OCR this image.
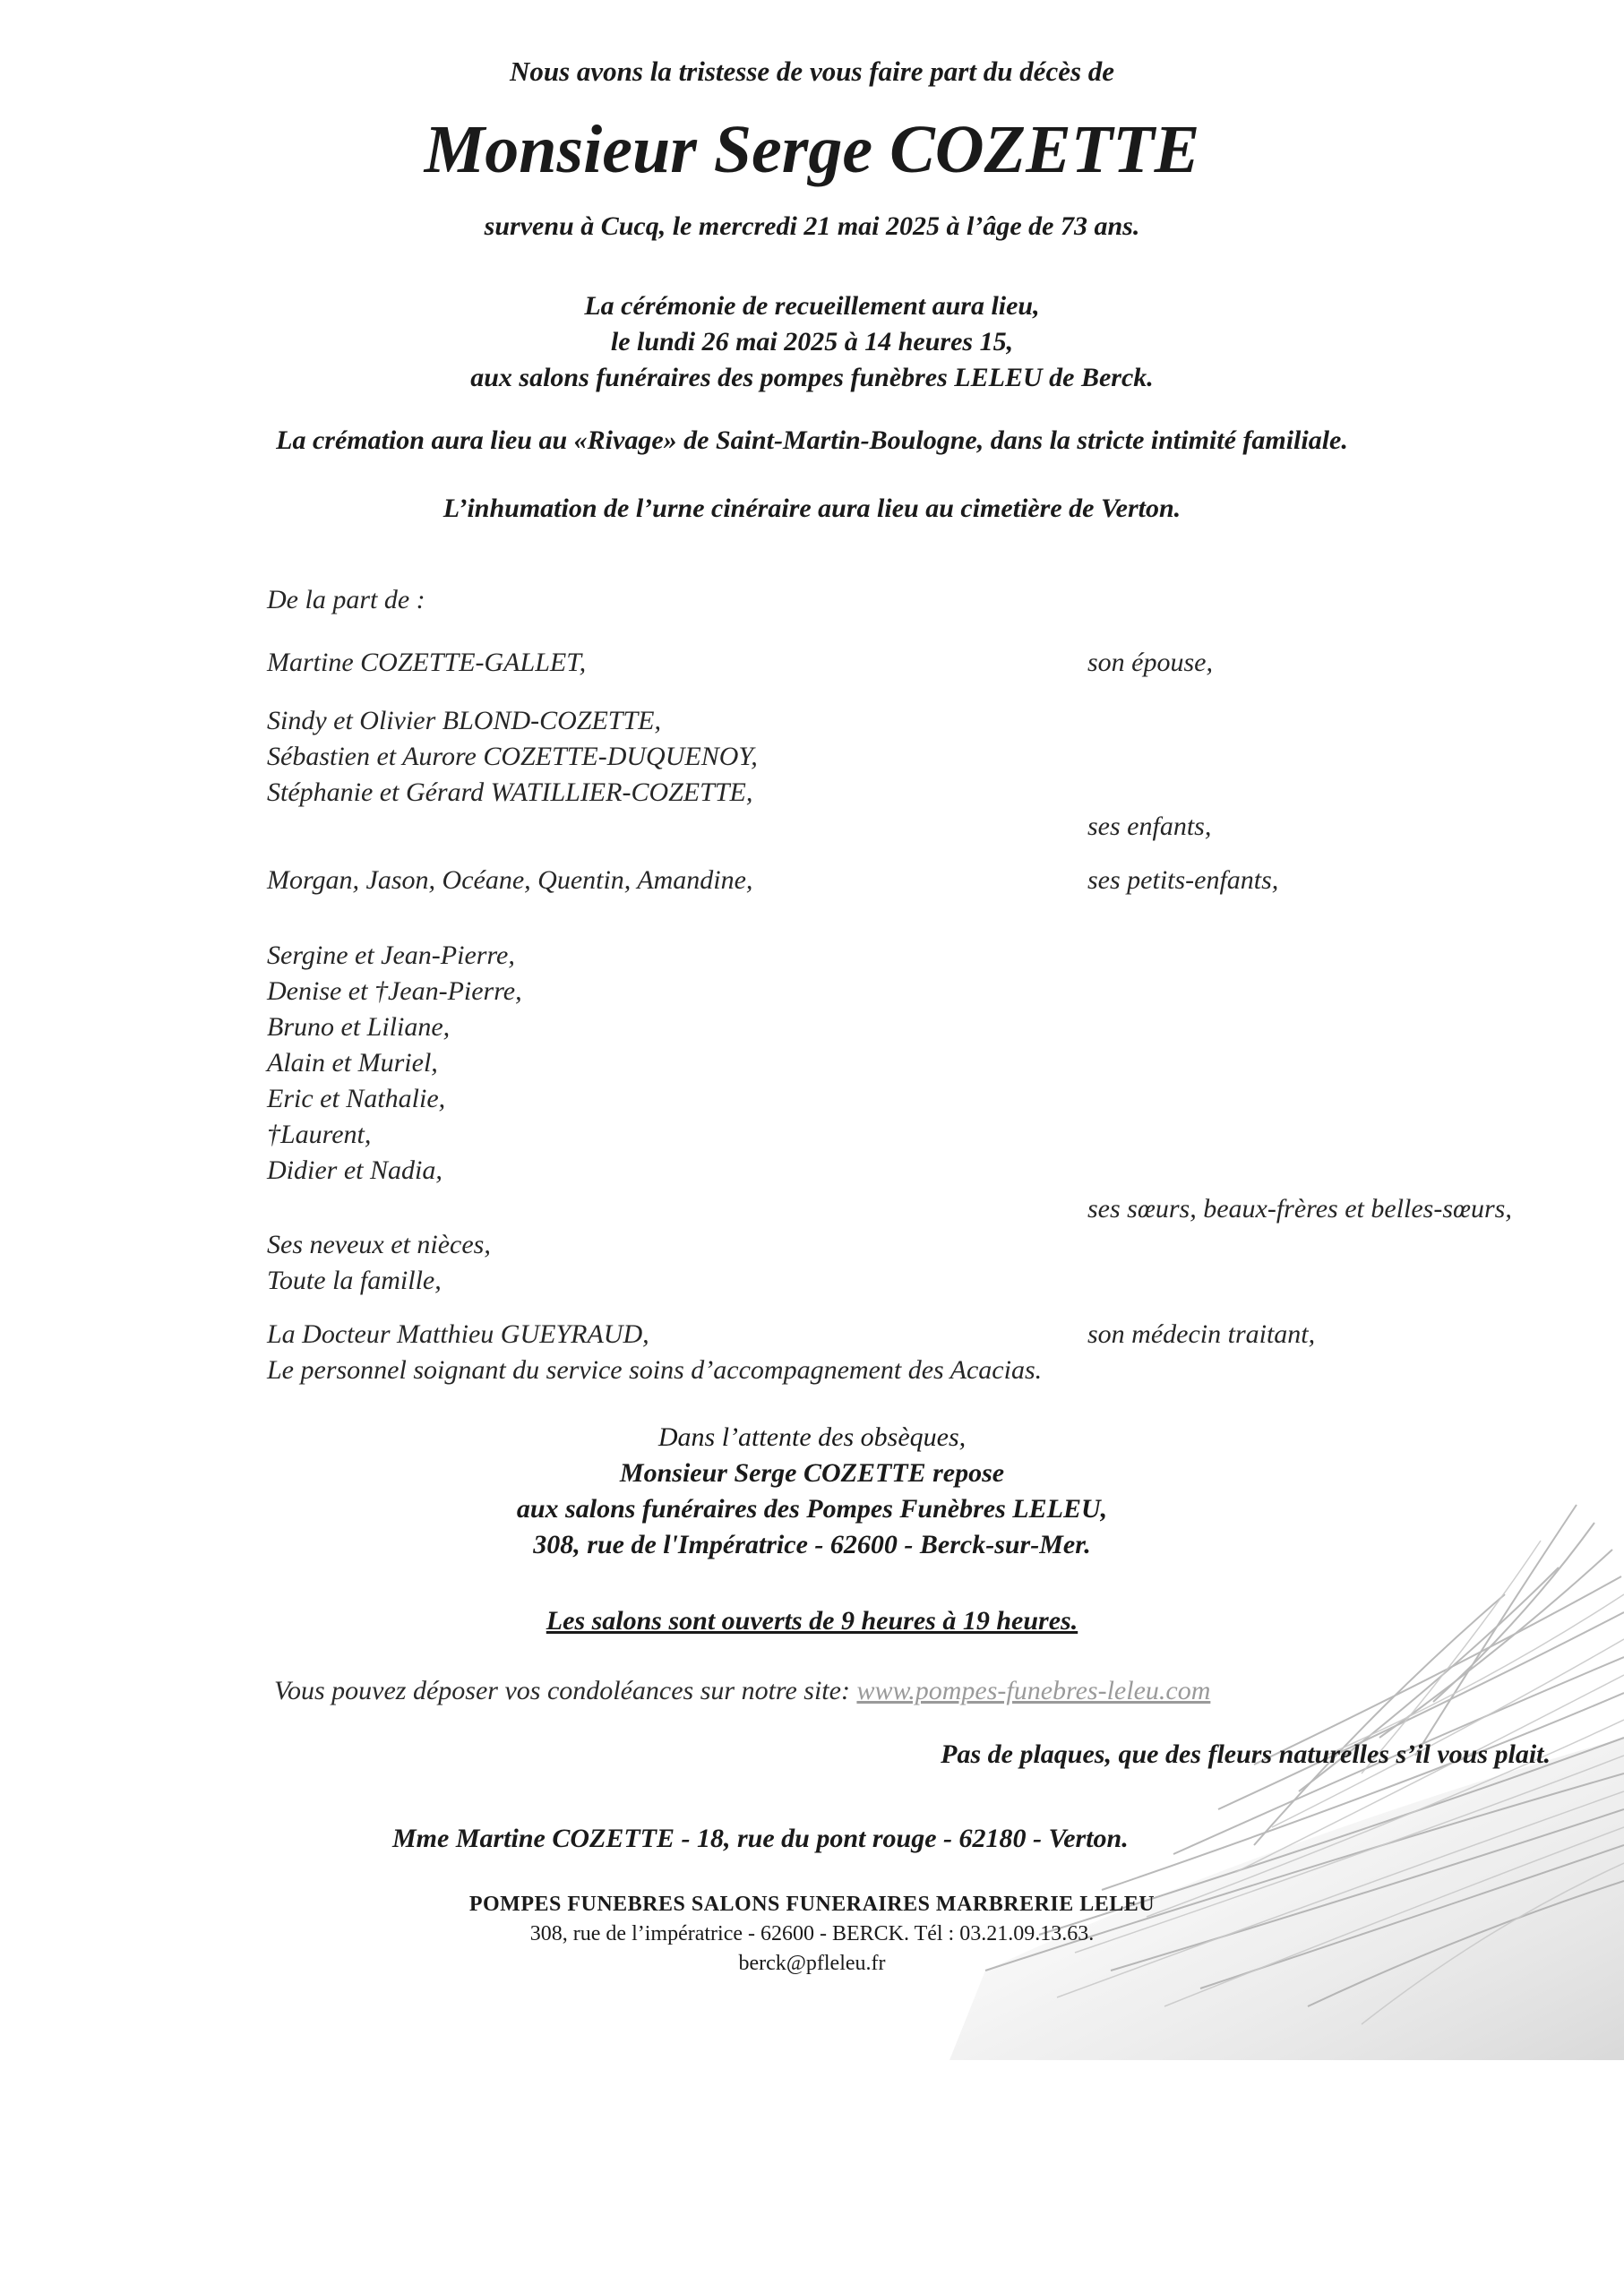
Nous avons la tristesse de vous faire part du décès de
Monsieur Serge COZETTE
survenu à Cucq, le mercredi 21 mai 2025 à l’âge de 73 ans.
La cérémonie de recueillement aura lieu,
le lundi 26 mai 2025 à 14 heures 15,
aux salons funéraires des pompes funèbres LELEU de Berck.
La crémation aura lieu au «Rivage» de Saint-Martin-Boulogne, dans la stricte intimité familiale.
L’inhumation de l’urne cinéraire aura lieu au cimetière de Verton.
De la part de :
Martine COZETTE-GALLET,	son épouse,
Sindy et Olivier BLOND-COZETTE,
Sébastien et Aurore COZETTE-DUQUENOY,
Stéphanie et Gérard WATILLIER-COZETTE,
ses enfants,
Morgan, Jason, Océane, Quentin, Amandine,	ses petits-enfants,
Sergine et Jean-Pierre,
Denise et †Jean-Pierre,
Bruno et Liliane,
Alain et Muriel,
Eric et Nathalie,
†Laurent,
Didier et Nadia,
ses sœurs, beaux-frères et belles-sœurs,
Ses neveux et nièces,
Toute la famille,
La Docteur Matthieu GUEYRAUD,	son médecin traitant,
Le personnel soignant du service soins d’accompagnement des Acacias.
Dans l’attente des obsèques,
Monsieur Serge COZETTE repose
aux salons funéraires des Pompes Funèbres LELEU,
308, rue de l'Impératrice - 62600 - Berck-sur-Mer.
Les salons sont ouverts de 9 heures à 19 heures.
Vous pouvez déposer vos condoléances sur notre site: www.pompes-funebres-leleu.com
Pas de plaques, que des fleurs naturelles s’il vous plait.
Mme Martine COZETTE - 18, rue du pont rouge - 62180 - Verton.
POMPES FUNEBRES SALONS FUNERAIRES MARBRERIE LELEU
308, rue de l’impératrice - 62600 - BERCK. Tél : 03.21.09.13.63.
berck@pfleleu.fr
